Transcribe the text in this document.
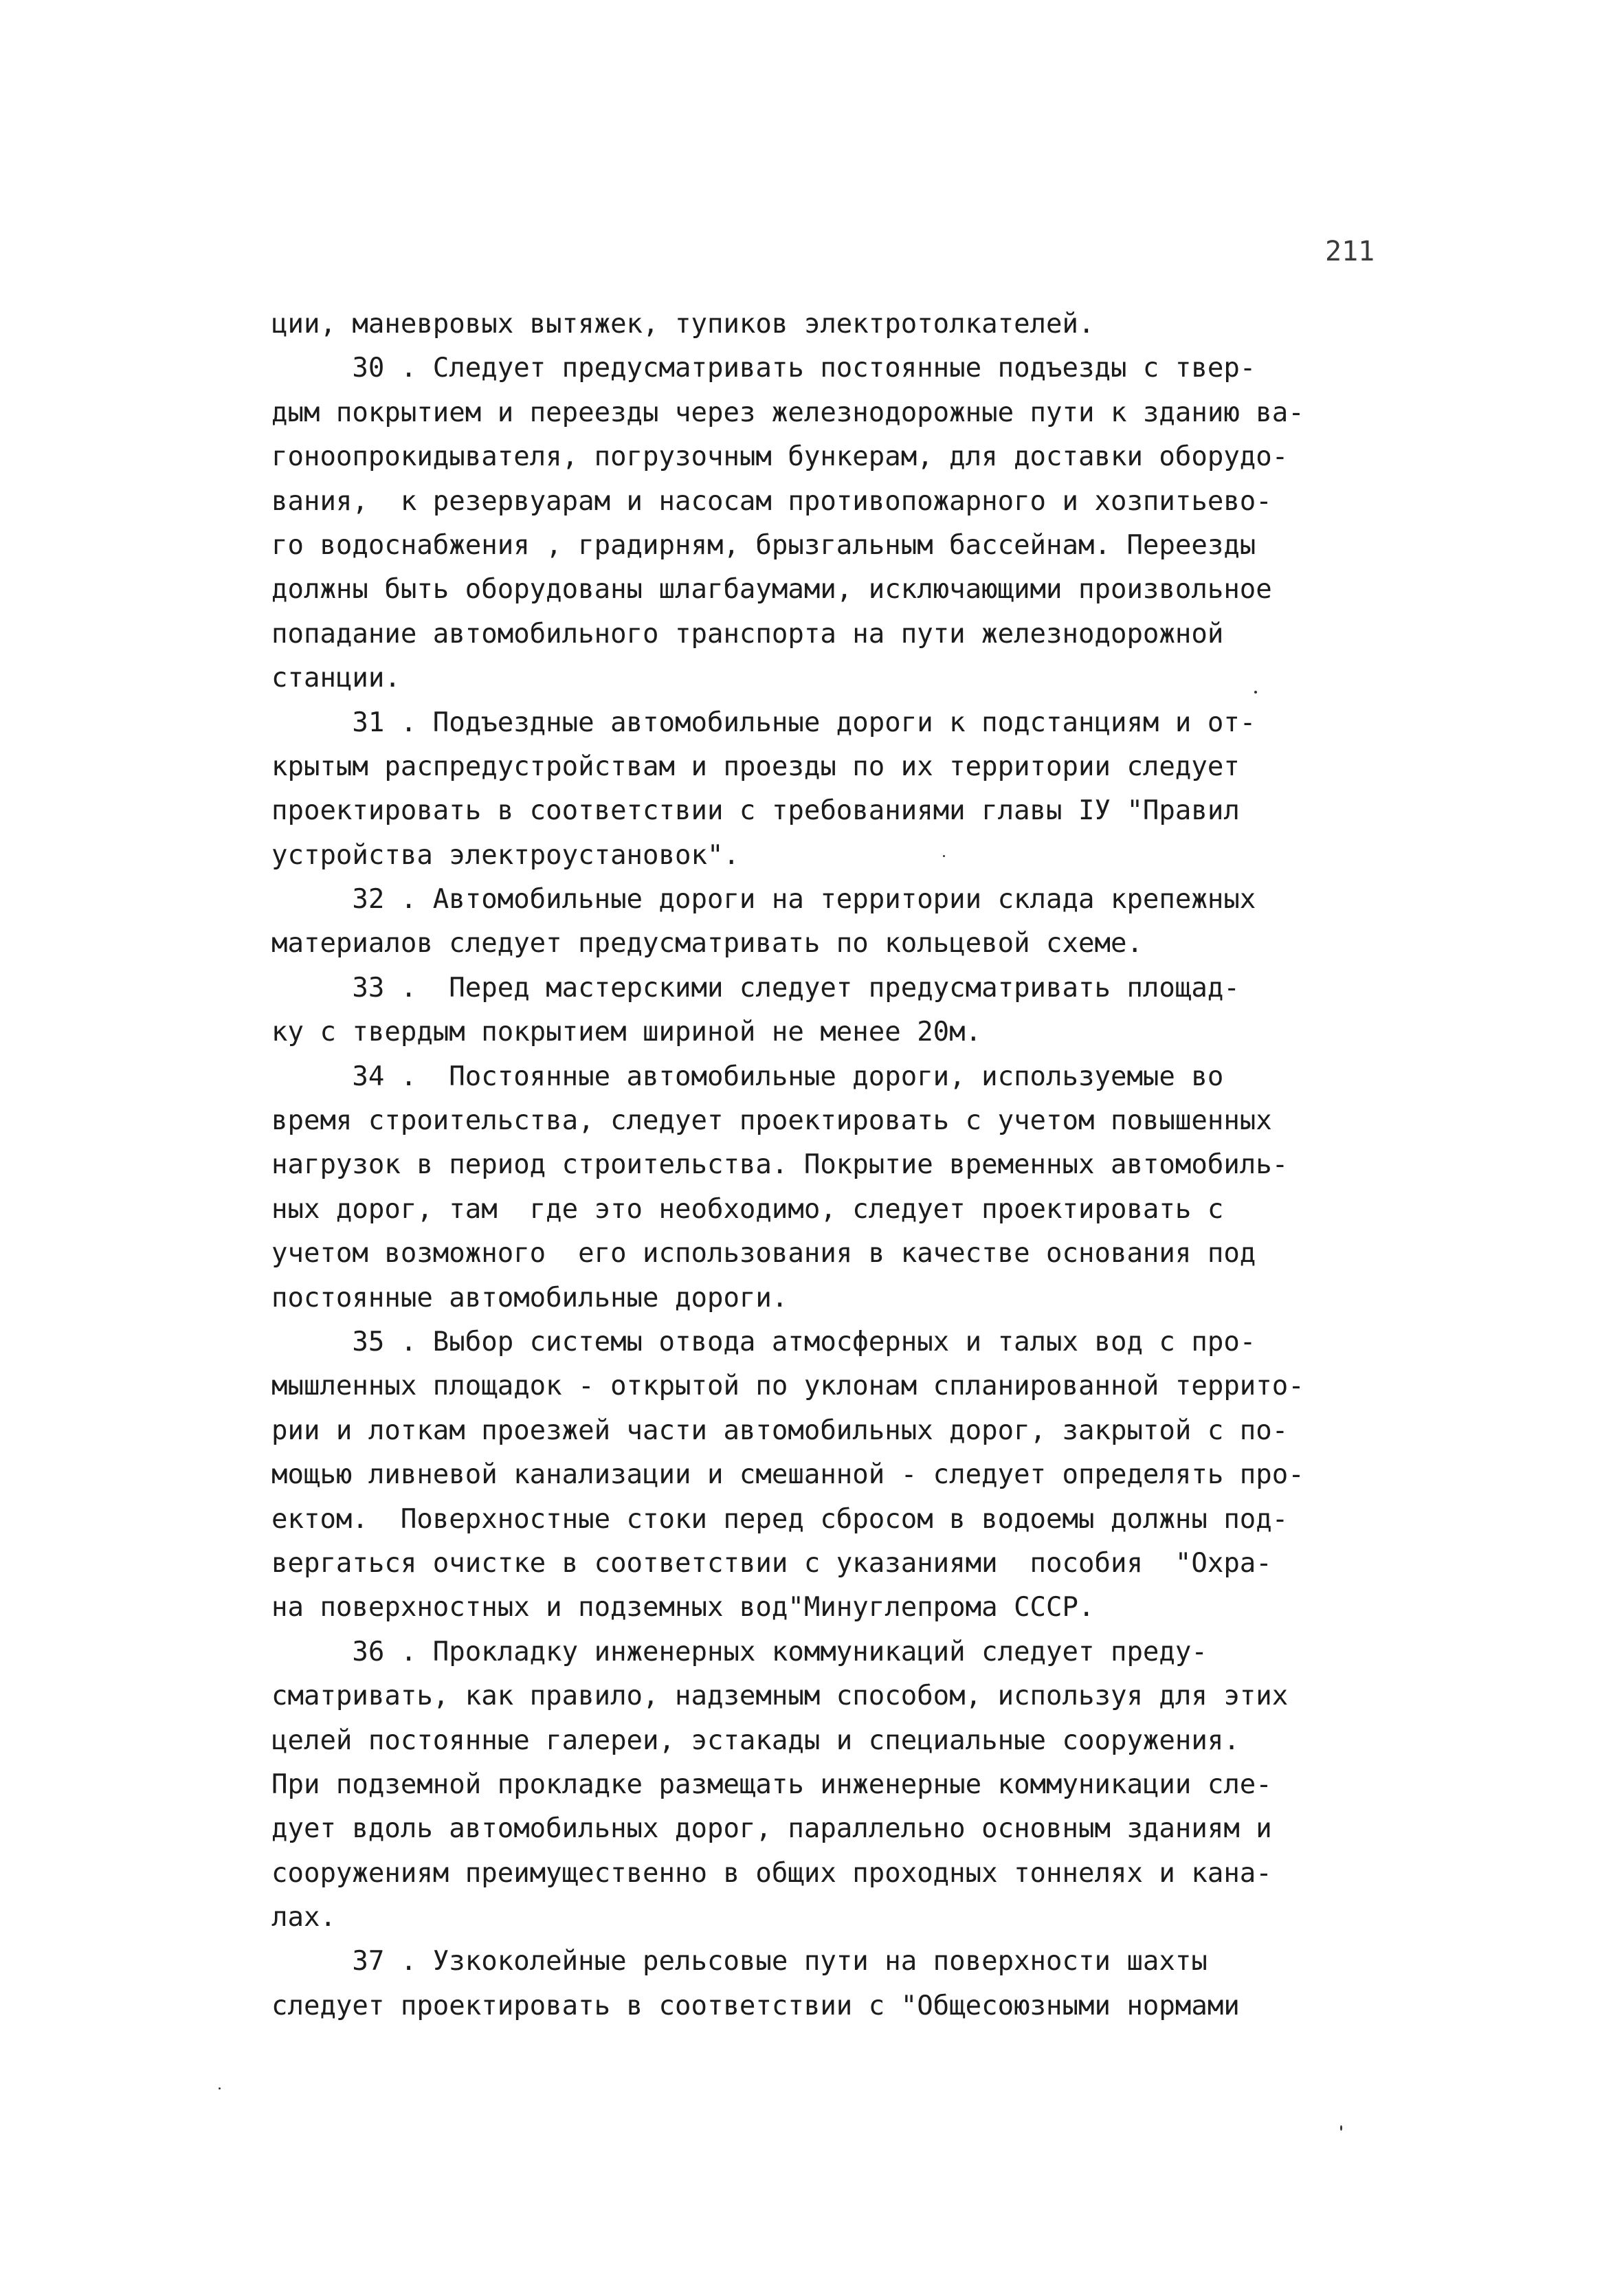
211
ции, маневровых вытяжек, тупиков электротолкателей.
30 . Следует предусматривать постоянные подъезды с твер-
дым покрытием и переезды через железнодорожные пути к зданию ва-
гоноопрокидывателя, погрузочным бункерам, для доставки оборудо-
вания,  к резервуарам и насосам противопожарного и хозпитьево-
го водоснабжения , градирням, брызгальным бассейнам. Переезды
должны быть оборудованы шлагбаумами, исключающими произвольное
попадание автомобильного транспорта на пути железнодорожной
станции.
31 . Подъездные автомобильные дороги к подстанциям и от-
крытым распредустройствам и проезды по их территории следует
проектировать в соответствии с требованиями главы IУ "Правил
устройства электроустановок".
32 . Автомобильные дороги на территории склада крепежных
материалов следует предусматривать по кольцевой схеме.
33 .  Перед мастерскими следует предусматривать площад-
ку с твердым покрытием шириной не менее 20м.
34 .  Постоянные автомобильные дороги, используемые во
время строительства, следует проектировать с учетом повышенных
нагрузок в период строительства. Покрытие временных автомобиль-
ных дорог, там  где это необходимо, следует проектировать с
учетом возможного  его использования в качестве основания под
постоянные автомобильные дороги.
35 . Выбор системы отвода атмосферных и талых вод с про-
мышленных площадок - открытой по уклонам спланированной террито-
рии и лоткам проезжей части автомобильных дорог, закрытой с по-
мощью ливневой канализации и смешанной - следует определять про-
ектом.  Поверхностные стоки перед сбросом в водоемы должны под-
вергаться очистке в соответствии с указаниями  пособия  "Охра-
на поверхностных и подземных вод"Минуглепрома СССР.
36 . Прокладку инженерных коммуникаций следует преду-
сматривать, как правило, надземным способом, используя для этих
целей постоянные галереи, эстакады и специальные сооружения.
При подземной прокладке размещать инженерные коммуникации сле-
дует вдоль автомобильных дорог, параллельно основным зданиям и
сооружениям преимущественно в общих проходных тоннелях и кана-
лах.
37 . Узкоколейные рельсовые пути на поверхности шахты
следует проектировать в соответствии с "Общесоюзными нормами
